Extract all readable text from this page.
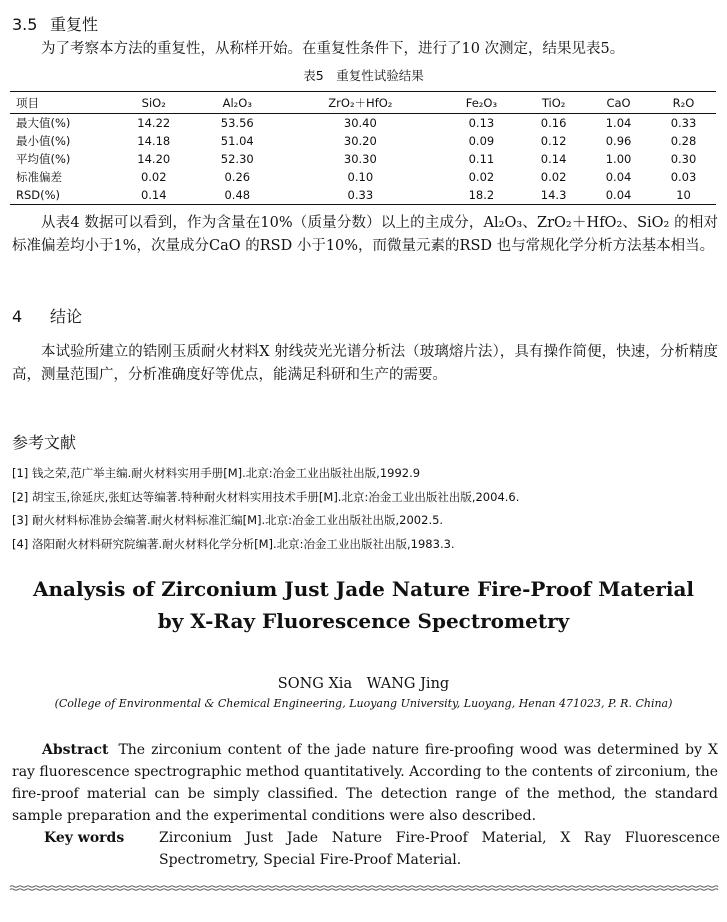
3.5 重复性
为了考察本方法的重复性，从称样开始。在重复性条件下，进行了10 次测定，结果见表5。
表5　重复性试验结果
项目	SiO₂	Al₂O₃	ZrO₂＋HfO₂	Fe₂O₃	TiO₂	CaO	R₂O
最大值(%)	14.22	53.56	30.40	0.13	0.16	1.04	0.33
最小值(%)	14.18	51.04	30.20	0.09	0.12	0.96	0.28
平均值(%)	14.20	52.30	30.30	0.11	0.14	1.00	0.30
标准偏差	0.02	0.26	0.10	0.02	0.02	0.04	0.03
RSD(%)	0.14	0.48	0.33	18.2	14.3	0.04	10
从表4 数据可以看到，作为含量在10%（质量分数）以上的主成分，Al₂O₃、ZrO₂＋HfO₂、SiO₂ 的相对标准偏差均小于1%，次量成分CaO 的RSD 小于10%，而微量元素的RSD 也与常规化学分析方法基本相当。
4 结论
本试验所建立的锆刚玉质耐火材料X 射线荧光光谱分析法（玻璃熔片法），具有操作简便，快速，分析精度高，测量范围广，分析准确度好等优点，能满足科研和生产的需要。
参考文献
[1] 钱之荣,范广举主编.耐火材料实用手册[M].北京:冶金工业出版社出版,1992.9
[2] 胡宝玉,徐延庆,张虹达等编著.特种耐火材料实用技术手册[M].北京:冶金工业出版社出版,2004.6.
[3] 耐火材料标准协会编著.耐火材料标准汇编[M].北京:冶金工业出版社出版,2002.5.
[4] 洛阳耐火材料研究院编著.耐火材料化学分析[M].北京:冶金工业出版社出版,1983.3.
Analysis of Zirconium Just Jade Nature Fire-Proof Material
by X-Ray Fluorescence Spectrometry
SONG Xia　WANG Jing
(College of Environmental & Chemical Engineering, Luoyang University, Luoyang, Henan 471023, P. R. China)
Abstract The zirconium content of the jade nature fire-proofing wood was determined by X ray fluorescence spectrographic method quantitatively. According to the contents of zirconium, the fire-proof material can be simply classified. The detection range of the method, the standard sample preparation and the experimental conditions were also described.
Key words Zirconium Just Jade Nature Fire-Proof Material, X Ray Fluorescence Spectrometry, Special Fire-Proof Material.
